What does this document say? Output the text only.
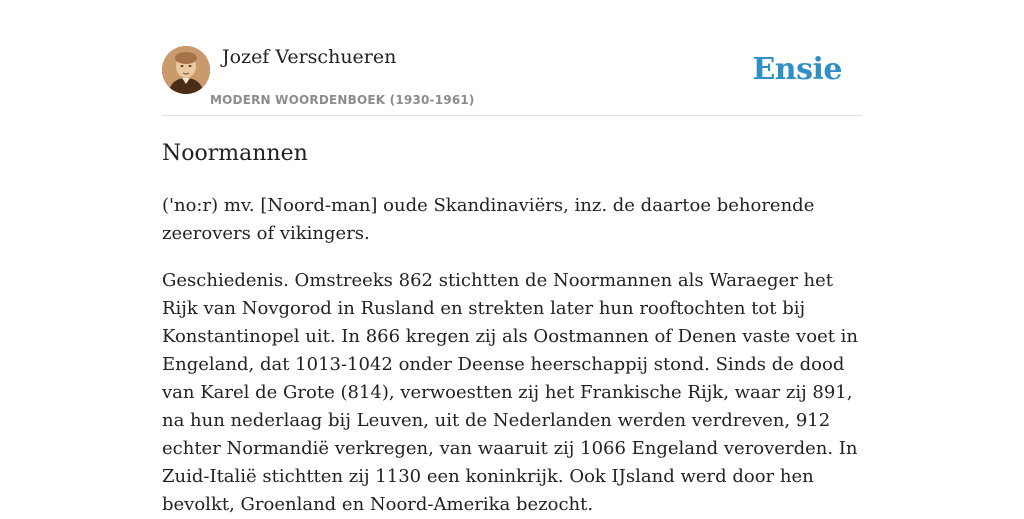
Jozef Verschueren
MODERN WOORDENBOEK (1930-1961)
Ensie
Noormannen

('no:r) mv. [Noord-man] oude Skandinaviërs, inz. de daartoe behorende zeerovers of vikingers.

Geschiedenis. Omstreeks 862 stichtten de Noormannen als Waraeger het Rijk van Novgorod in Rusland en strekten later hun rooftochten tot bij Konstantinopel uit. In 866 kregen zij als Oostmannen of Denen vaste voet in Engeland, dat 1013-1042 onder Deense heerschappij stond. Sinds de dood van Karel de Grote (814), verwoestten zij het Frankische Rijk, waar zij 891, na hun nederlaag bij Leuven, uit de Nederlanden werden verdreven, 912 echter Normandië verkregen, van waaruit zij 1066 Engeland veroverden. In Zuid-Italië stichtten zij 1130 een koninkrijk. Ook IJsland werd door hen bevolkt, Groenland en Noord-Amerika bezocht.
